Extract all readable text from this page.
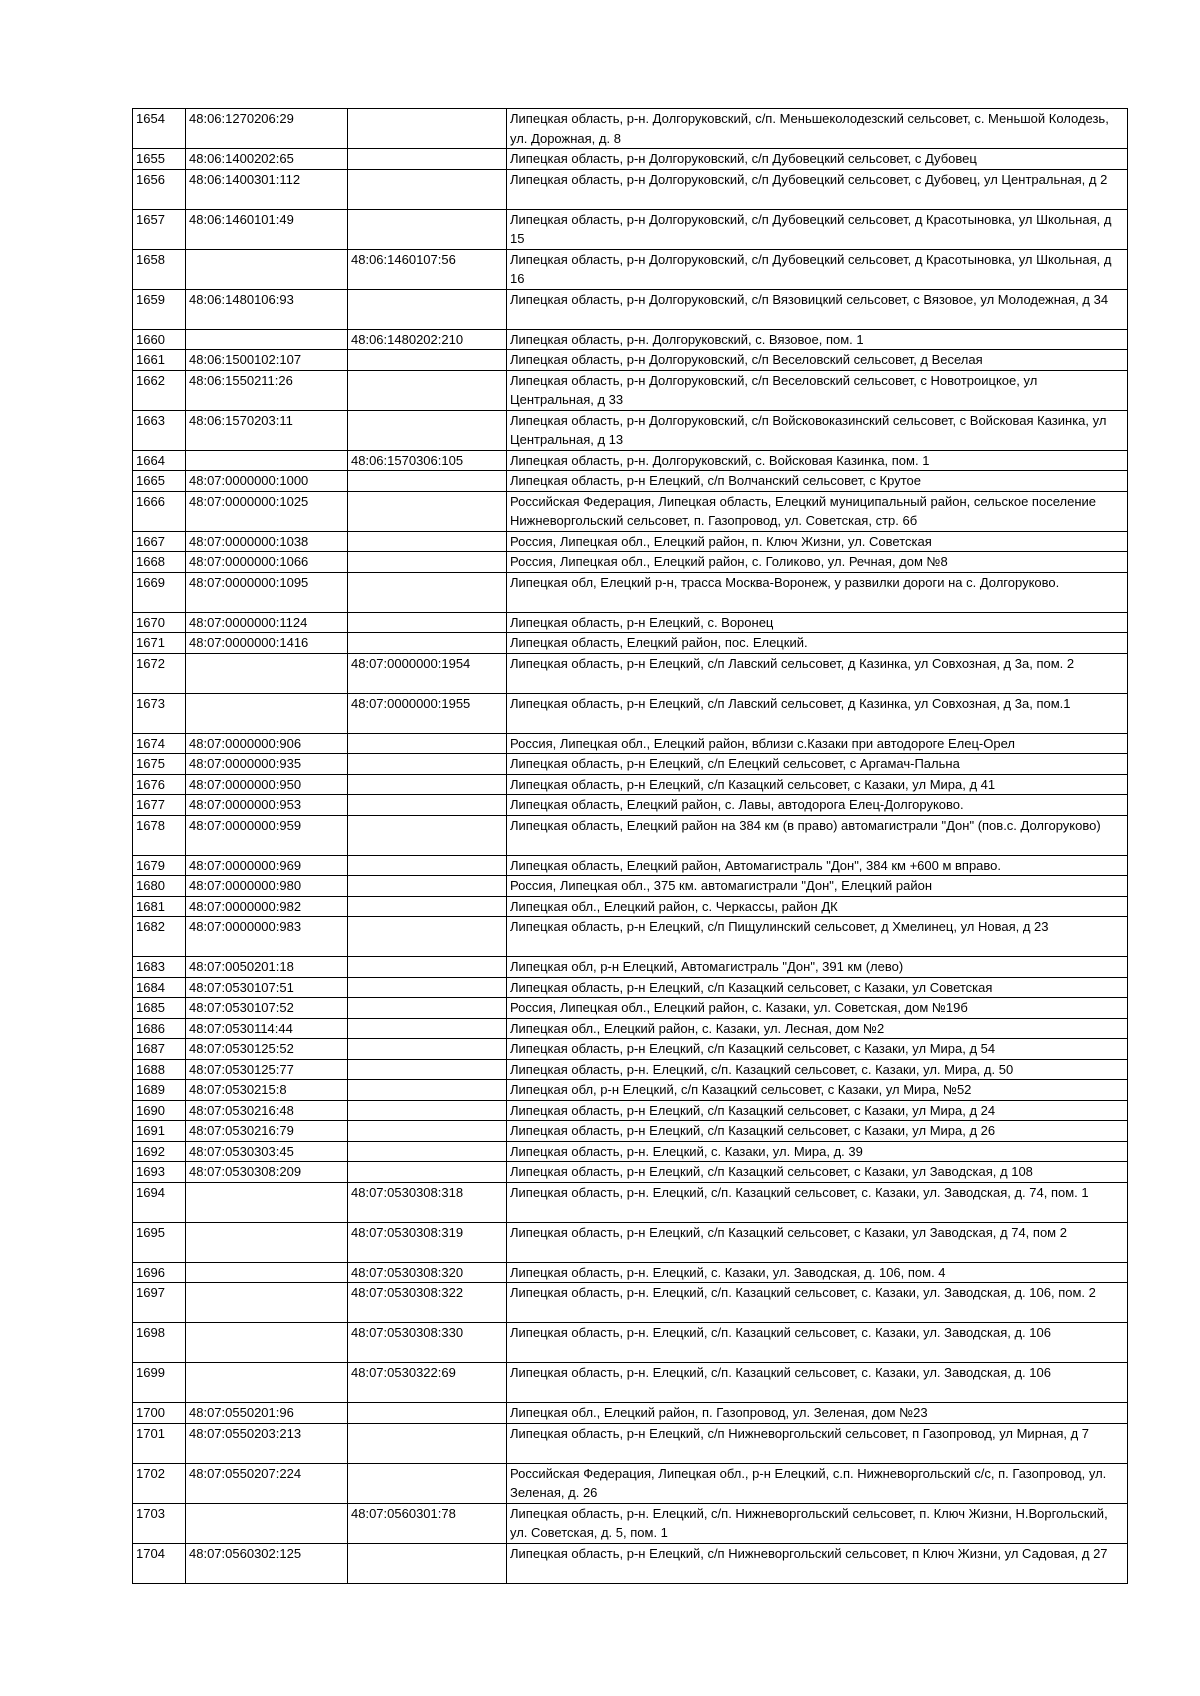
1654	48:06:1270206:29		Липецкая область, р-н. Долгоруковский, с/п. Меньшеколодезский сельсовет, с. Меньшой Колодезь, ул. Дорожная, д. 8
1655	48:06:1400202:65		Липецкая область, р-н Долгоруковский, с/п Дубовецкий сельсовет, с Дубовец
1656	48:06:1400301:112		Липецкая область, р-н Долгоруковский, с/п Дубовецкий сельсовет, с Дубовец, ул Центральная, д 2
1657	48:06:1460101:49		Липецкая область, р-н Долгоруковский, с/п Дубовецкий сельсовет, д Красотыновка, ул Школьная, д 15
1658		48:06:1460107:56	Липецкая область, р-н Долгоруковский, с/п Дубовецкий сельсовет, д Красотыновка, ул Школьная, д 16
1659	48:06:1480106:93		Липецкая область, р-н Долгоруковский, с/п Вязовицкий сельсовет, с Вязовое, ул Молодежная, д 34
1660		48:06:1480202:210	Липецкая область, р-н. Долгоруковский, с. Вязовое, пом. 1
1661	48:06:1500102:107		Липецкая область, р-н Долгоруковский, с/п Веселовский сельсовет, д Веселая
1662	48:06:1550211:26		Липецкая область, р-н Долгоруковский, с/п Веселовский сельсовет, с Новотроицкое, ул Центральная, д 33
1663	48:06:1570203:11		Липецкая область, р-н Долгоруковский, с/п Войсковоказинский сельсовет, с Войсковая Казинка, ул Центральная, д 13
1664		48:06:1570306:105	Липецкая область, р-н. Долгоруковский, с. Войсковая Казинка, пом. 1
1665	48:07:0000000:1000		Липецкая область, р-н Елецкий, с/п Волчанский сельсовет, с Крутое
1666	48:07:0000000:1025		Российская Федерация, Липецкая область, Елецкий муниципальный район, сельское поселение Нижневоргольский сельсовет, п. Газопровод, ул. Советская, стр. 6б
1667	48:07:0000000:1038		Россия, Липецкая обл., Елецкий район, п. Ключ Жизни, ул. Советская
1668	48:07:0000000:1066		Россия, Липецкая обл., Елецкий район, с. Голиково, ул. Речная, дом №8
1669	48:07:0000000:1095		Липецкая обл, Елецкий р-н, трасса Москва-Воронеж, у развилки дороги на с. Долгоруково.
1670	48:07:0000000:1124		Липецкая область, р-н Елецкий, с. Воронец
1671	48:07:0000000:1416		Липецкая область, Елецкий район, пос. Елецкий.
1672		48:07:0000000:1954	Липецкая область, р-н Елецкий, с/п Лавский сельсовет, д Казинка, ул Совхозная, д 3а, пом. 2
1673		48:07:0000000:1955	Липецкая область, р-н Елецкий, с/п Лавский сельсовет, д Казинка, ул Совхозная, д 3а, пом.1
1674	48:07:0000000:906		Россия, Липецкая обл., Елецкий район, вблизи с.Казаки при автодороге Елец-Орел
1675	48:07:0000000:935		Липецкая область, р-н Елецкий, с/п Елецкий сельсовет, с Аргамач-Пальна
1676	48:07:0000000:950		Липецкая область, р-н Елецкий, с/п Казацкий сельсовет, с Казаки, ул Мира, д 41
1677	48:07:0000000:953		Липецкая область, Елецкий район, с. Лавы, автодорога Елец-Долгоруково.
1678	48:07:0000000:959		Липецкая область, Елецкий район на 384 км (в право) автомагистрали "Дон" (пов.с. Долгоруково)
1679	48:07:0000000:969		Липецкая область, Елецкий район, Автомагистраль "Дон", 384 км +600 м вправо.
1680	48:07:0000000:980		Россия, Липецкая обл., 375 км. автомагистрали "Дон", Елецкий район
1681	48:07:0000000:982		Липецкая обл., Елецкий район, с. Черкассы, район ДК
1682	48:07:0000000:983		Липецкая область, р-н Елецкий, с/п Пищулинский сельсовет, д Хмелинец, ул Новая, д 23
1683	48:07:0050201:18		Липецкая обл, р-н Елецкий, Автомагистраль "Дон", 391 км (лево)
1684	48:07:0530107:51		Липецкая область, р-н Елецкий, с/п Казацкий сельсовет, с Казаки, ул Советская
1685	48:07:0530107:52		Россия, Липецкая обл., Елецкий район, с. Казаки, ул. Советская, дом №19б
1686	48:07:0530114:44		Липецкая обл., Елецкий район, с. Казаки, ул. Лесная, дом №2
1687	48:07:0530125:52		Липецкая область, р-н Елецкий, с/п Казацкий сельсовет, с Казаки, ул Мира, д 54
1688	48:07:0530125:77		Липецкая область, р-н. Елецкий, с/п. Казацкий сельсовет, с. Казаки, ул. Мира, д. 50
1689	48:07:0530215:8		Липецкая обл, р-н Елецкий, с/п Казацкий сельсовет, с Казаки, ул Мира, №52
1690	48:07:0530216:48		Липецкая область, р-н Елецкий, с/п Казацкий сельсовет, с Казаки, ул Мира, д 24
1691	48:07:0530216:79		Липецкая область, р-н Елецкий, с/п Казацкий сельсовет, с Казаки, ул Мира, д 26
1692	48:07:0530303:45		Липецкая область, р-н. Елецкий, с. Казаки, ул. Мира, д. 39
1693	48:07:0530308:209		Липецкая область, р-н Елецкий, с/п Казацкий сельсовет, с Казаки, ул Заводская, д 108
1694		48:07:0530308:318	Липецкая область, р-н. Елецкий, с/п. Казацкий сельсовет, с. Казаки, ул. Заводская, д. 74, пом. 1
1695		48:07:0530308:319	Липецкая область, р-н Елецкий, с/п Казацкий сельсовет, с Казаки, ул Заводская, д 74, пом 2
1696		48:07:0530308:320	Липецкая область, р-н. Елецкий, с. Казаки, ул. Заводская, д. 106, пом. 4
1697		48:07:0530308:322	Липецкая область, р-н. Елецкий, с/п. Казацкий сельсовет, с. Казаки, ул. Заводская, д. 106, пом. 2
1698		48:07:0530308:330	Липецкая область, р-н. Елецкий, с/п. Казацкий сельсовет, с. Казаки, ул. Заводская, д. 106
1699		48:07:0530322:69	Липецкая область, р-н. Елецкий, с/п. Казацкий сельсовет, с. Казаки, ул. Заводская, д. 106
1700	48:07:0550201:96		Липецкая обл., Елецкий район, п. Газопровод, ул. Зеленая, дом №23
1701	48:07:0550203:213		Липецкая область, р-н Елецкий, с/п Нижневоргольский сельсовет, п Газопровод, ул Мирная, д 7
1702	48:07:0550207:224		Российская Федерация, Липецкая обл., р-н Елецкий, с.п. Нижневоргольский с/с, п. Газопровод, ул. Зеленая, д. 26
1703		48:07:0560301:78	Липецкая область, р-н. Елецкий, с/п. Нижневоргольский сельсовет, п. Ключ Жизни, Н.Воргольский, ул. Советская, д. 5, пом. 1
1704	48:07:0560302:125		Липецкая область, р-н Елецкий, с/п Нижневоргольский сельсовет, п Ключ Жизни, ул Садовая, д 27
